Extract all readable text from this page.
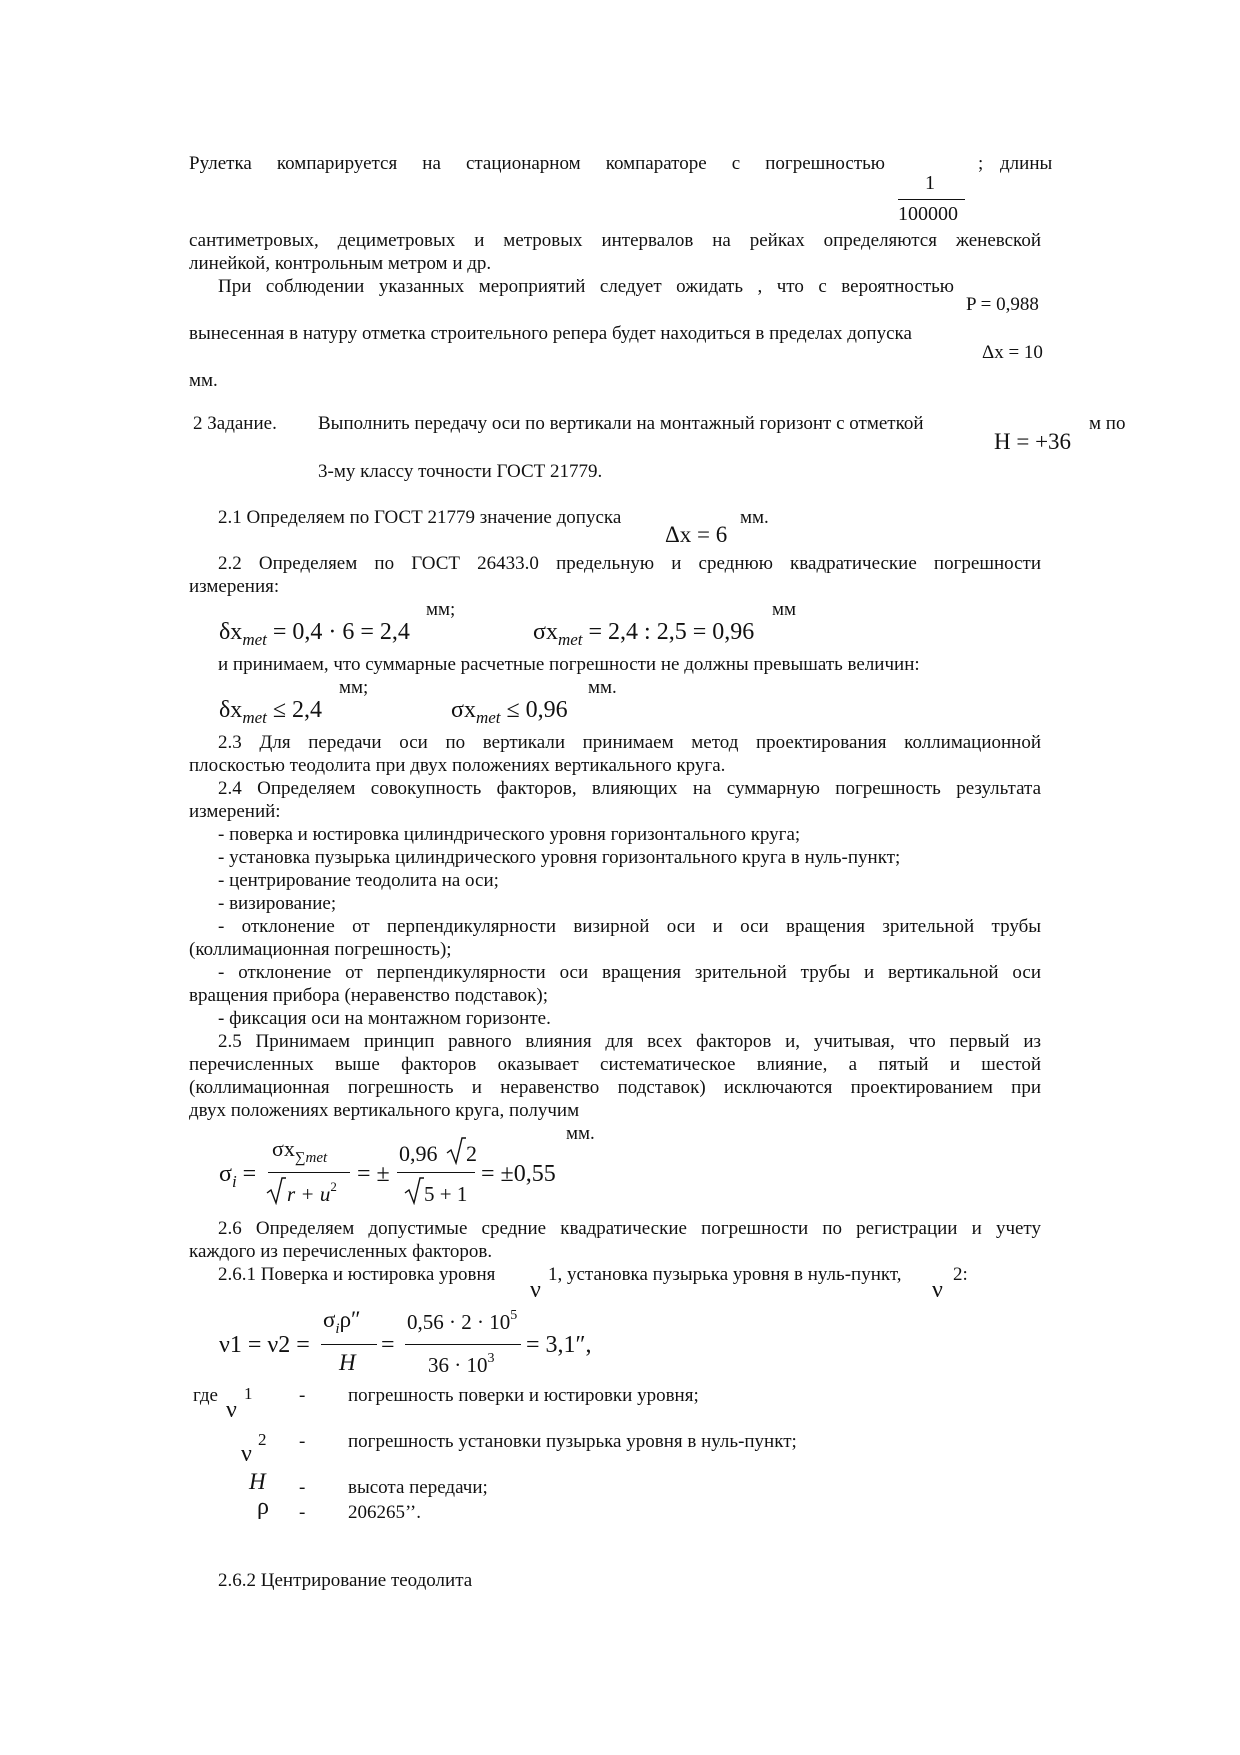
Рулетка компарируется на стационарном компараторе с погрешностью	; длины
1
100000
сантиметровых, дециметровых и метровых интервалов на рейках определяются женевской
линейкой, контрольным метром и др.
При соблюдении указанных мероприятий следует ожидать , что с вероятностью
P = 0,988
вынесенная в натуру отметка строительного репера будет находиться в пределах допуска
Δx = 10
мм.
2 Задание. Выполнить передачу оси по вертикали на монтажный горизонт с отметкой	м по
H = +36
3-му классу точности ГОСТ 21779.
2.1 Определяем по ГОСТ 21779 значение допуска
Δx = 6
мм.
2.2 Определяем по ГОСТ 26433.0 предельную и среднюю квадратические погрешности
измерения:
мм;	мм
$\delta x_{met} = 0,4 \cdot 6 = 2,4$	$\sigma x_{met} = 2,4$ : 2,5 = 0,96
и принимаем, что суммарные расчетные погрешности не должны превышать величин:
мм;	мм.
$\delta x_{met} \le 2,4$	$\sigma x_{met} \le 0,96$
2.3 Для передачи оси по вертикали принимаем метод проектирования коллимационной
плоскостью теодолита при двух положениях вертикального круга.
2.4 Определяем совокупность факторов, влияющих на суммарную погрешность результата
измерений:
- поверка и юстировка цилиндрического уровня горизонтального круга;
- установка пузырька цилиндрического уровня горизонтального круга в нуль-пункт;
- центрирование теодолита на оси;
- визирование;
- отклонение от перпендикулярности визирной оси и оси вращения зрительной трубы
(коллимационная погрешность);
- отклонение от перпендикулярности оси вращения зрительной трубы и вертикальной оси
вращения прибора (неравенство подставок);
- фиксация оси на монтажном горизонте.
2.5 Принимаем принцип равного влияния для всех факторов и, учитывая, что первый из
перечисленных выше факторов оказывает систематическое влияние, а пятый и шестой
(коллимационная погрешность и неравенство подставок) исключаются проектированием при
двух положениях вертикального круга, получим
мм.
$\sigma_i$ =
$\sigma x_{\sum met}$
$r + u^2$ = ±
0,96 2
5 + 1
= ±0,55
2.6 Определяем допустимые средние квадратические погрешности по регистрации и учету
каждого из перечисленных факторов.
2.6.1 Поверка и юстировка уровня
ν
1, установка пузырька уровня в нуль-пункт,
ν
2:
ν1 = ν2 =
$\sigma_i\rho''$
H
=
$0,56 \cdot 2 \cdot 10^5$
$36 \cdot 10^3$
= 3,1″,
где
ν
1 - погрешность поверки и юстировки уровня;
ν
2 - погрешность установки пузырька уровня в нуль-пункт;
H - высота передачи;
ρ - 206265’’.
2.6.2 Центрирование теодолита
